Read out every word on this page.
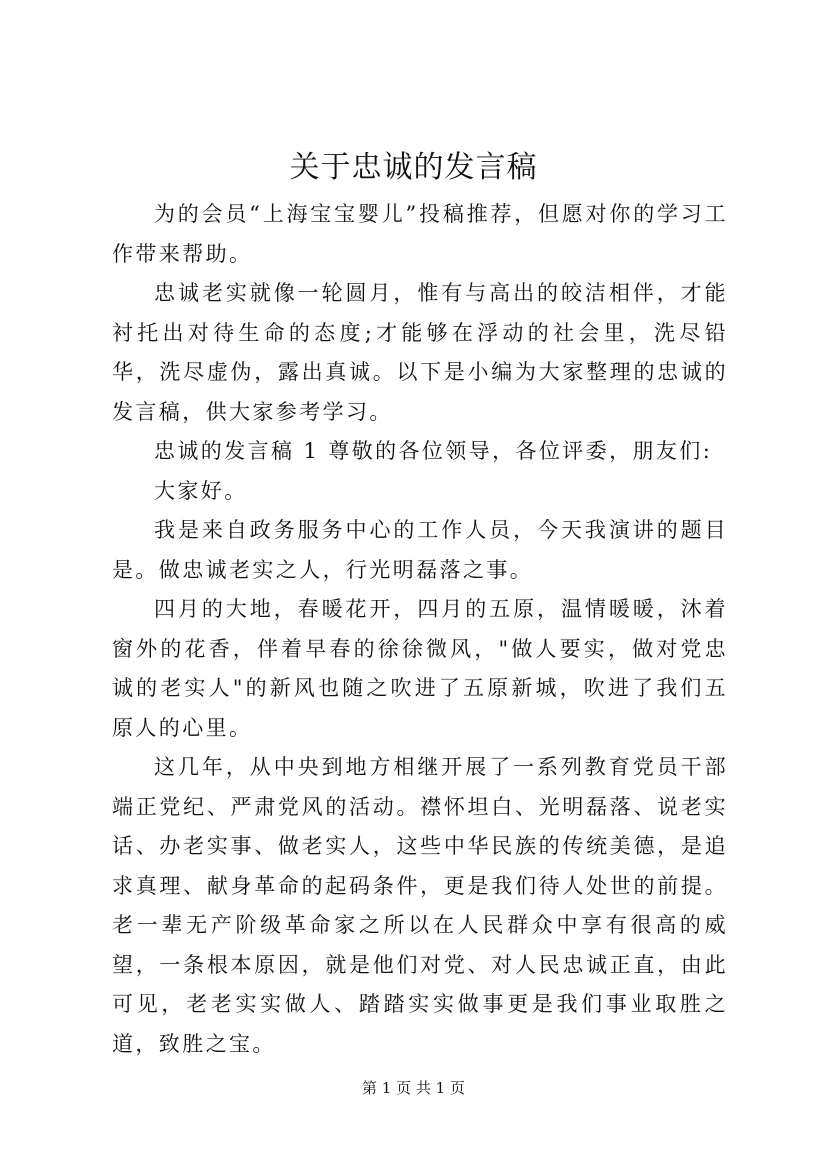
关于忠诚的发言稿

为的会员“上海宝宝婴儿”投稿推荐，但愿对你的学习工作带来帮助。

忠诚老实就像一轮圆月，惟有与高出的皎洁相伴，才能衬托出对待生命的态度;才能够在浮动的社会里，洗尽铅华，洗尽虚伪，露出真诚。以下是小编为大家整理的忠诚的发言稿，供大家参考学习。

忠诚的发言稿 1 尊敬的各位领导，各位评委，朋友们:

大家好。

我是来自政务服务中心的工作人员，今天我演讲的题目是。做忠诚老实之人，行光明磊落之事。

四月的大地，春暖花开，四月的五原，温情暖暖，沐着窗外的花香，伴着早春的徐徐微风，"做人要实，做对党忠诚的老实人"的新风也随之吹进了五原新城，吹进了我们五原人的心里。

这几年，从中央到地方相继开展了一系列教育党员干部端正党纪、严肃党风的活动。襟怀坦白、光明磊落、说老实话、办老实事、做老实人，这些中华民族的传统美德，是追求真理、献身革命的起码条件，更是我们待人处世的前提。老一辈无产阶级革命家之所以在人民群众中享有很高的威望，一条根本原因，就是他们对党、对人民忠诚正直，由此可见，老老实实做人、踏踏实实做事更是我们事业取胜之道，致胜之宝。

第 1 页 共 1 页
